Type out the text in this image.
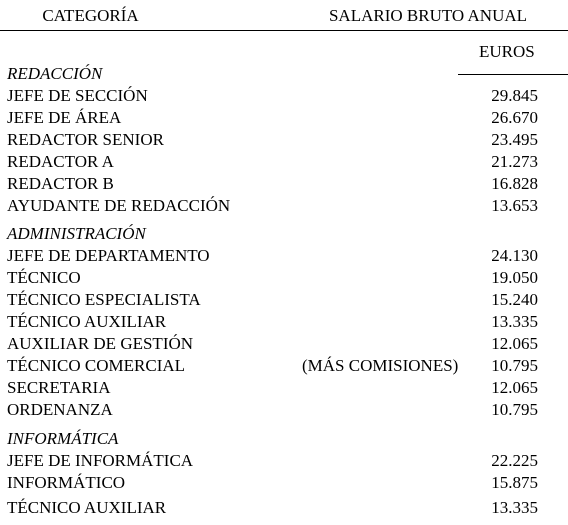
CATEGORÍA	SALARIO BRUTO ANUAL
EUROS
REDACCIÓN
JEFE DE SECCIÓN	29.845
JEFE DE ÁREA	26.670
REDACTOR SENIOR	23.495
REDACTOR A	21.273
REDACTOR B	16.828
AYUDANTE DE REDACCIÓN	13.653
ADMINISTRACIÓN
JEFE DE DEPARTAMENTO	24.130
TÉCNICO	19.050
TÉCNICO ESPECIALISTA	15.240
TÉCNICO AUXILIAR	13.335
AUXILIAR DE GESTIÓN	12.065
TÉCNICO COMERCIAL	(MÁS COMISIONES) 10.795
SECRETARIA	12.065
ORDENANZA	10.795
INFORMÁTICA
JEFE DE INFORMÁTICA	22.225
INFORMÁTICO	15.875
TÉCNICO AUXILIAR	13.335
